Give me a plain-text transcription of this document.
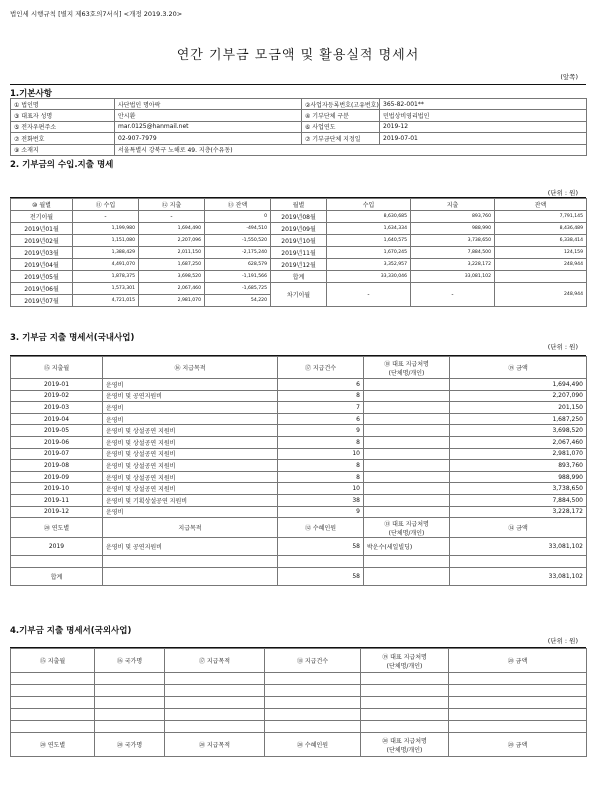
법인세 시행규칙 [별지 제63호의7서식] <개정 2019.3.20>
연간 기부금 모금액 및 활용실적 명세서
(앞쪽)
1.기본사항
① 법인명	사단법인 명아락	②사업자등록번호(고유번호)	365-82-001**
③ 대표자 성명	안시환	④ 기부단체 구분	민법상비영리법인
⑤ 전자우편주소	mar.0125@hanmail.net	⑥ 사업연도	2019-12
⑦ 전화번호	02-907-7979	⑦ 기부금단체 지정일	2019-07-01
⑨ 소재지	서울특별시 강북구 노해로 49. 지층(수유동)		
2. 기부금의 수입.지출 명세
(단위 : 원)
⑩ 월별	⑪ 수입	⑫ 지출	⑬ 잔액	월별	수입	지출	잔액
전기이월	-	-	0	2019년08월	8,630,685	893,760	7,791,145
2019년01월	1,199,980	1,694,490	-494,510	2019년09월	1,634,334	988,990	8,436,489
2019년02월	1,151,080	2,207,096	-1,550,520	2019년10월	1,640,575	3,738,650	6,338,414
2019년03월	1,388,429	2,011,150	-2,175,240	2019년11월	1,670,245	7,884,500	124,159
2019년04월	4,491,070	1,687,250	628,579	2019년12월	3,352,957	3,228,172	248,944
2019년05월	1,878,375	3,698,520	-1,191,566	합계	33,330,046	33,081,102	
2019년06월	1,573,301	2,067,460	-1,685,725	차기이월	-	-	248,944
2019년07월	4,721,015	2,981,070	54,220				
3. 기부금 지출 명세서(국내사업)
(단위 : 원)
⑮ 지출월	⑯ 지급목적	⑰ 지급건수	⑱ 대표 지급처명
(단체명/개인)	⑲ 금액
2019-01	운영비	6		1,694,490
2019-02	운영비 및 공연지원비	8		2,207,090
2019-03	운영비	7		201,150
2019-04	운영비	6		1,687,250
2019-05	운영비 및 상설공연 지원비	9		3,698,520
2019-06	운영비 및 상설공연 지원비	8		2,067,460
2019-07	운영비 및 상설공연 지원비	10		2,981,070
2019-08	운영비 및 상설공연 지원비	8		893,760
2019-09	운영비 및 상설공연 지원비	8		988,990
2019-10	운영비 및 상설공연 지원비	10		3,738,650
2019-11	운영비 및 기획상설공연 지원비	38		7,884,500
2019-12	운영비	9		3,228,172
⑳ 연도별	지급목적	⑫ 수혜인원	⑬ 대표 지급처명
(단체명/개인)	⑭ 금액
2019	운영비 및 공연지원비	58	박운수(세일빌딩)	33,081,102

합계		58		33,081,102
4.기부금 지출 명세서(국외사업)
(단위 : 원)
⑮ 지출월	⑯ 국가명	⑰ 지급목적	⑱ 지급건수	⑲ 대표 지급처명
(단체명/개인)	⑳ 금액

⑳ 연도별	⑳ 국가명	⑳ 지급목적	⑳ 수혜인원	⑳ 대표 지급처명
(단체명/개인)	⑳ 금액
